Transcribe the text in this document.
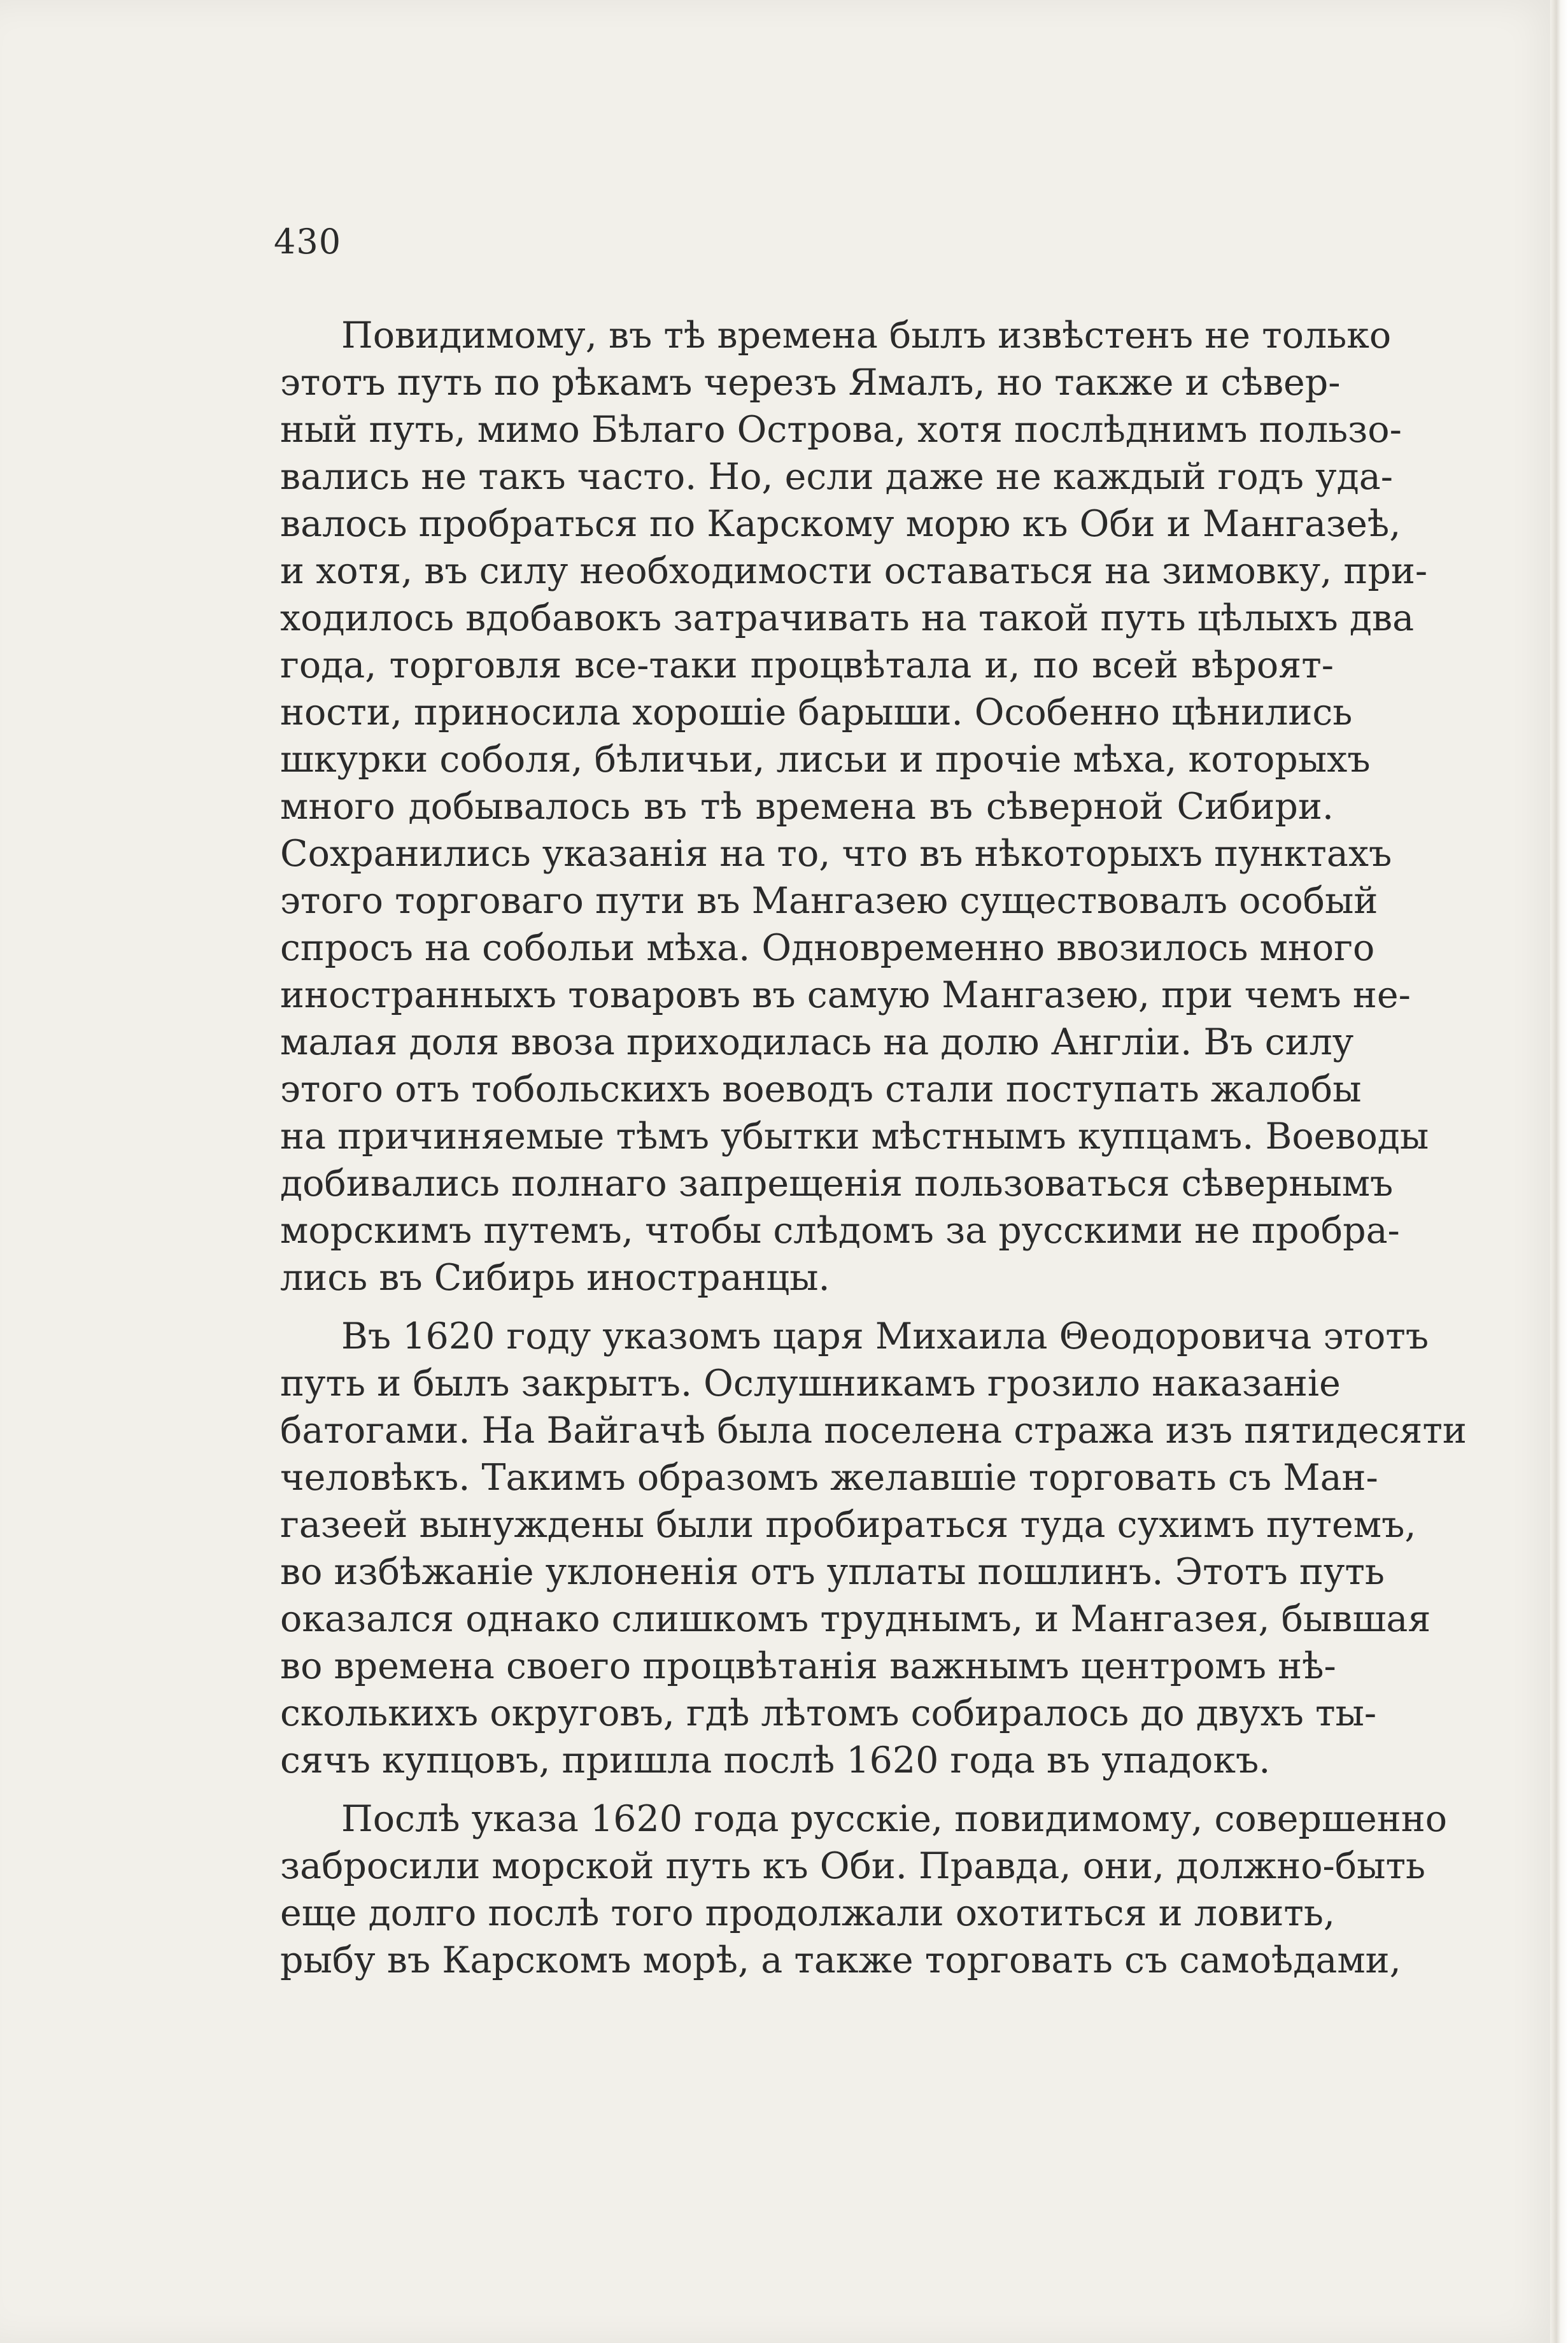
430

Повидимому, въ тѣ времена былъ извѣстенъ не только
этотъ путь по рѣкамъ черезъ Ямалъ, но также и сѣвер-
ный путь, мимо Бѣлаго Острова, хотя послѣднимъ пользо-
вались не такъ часто. Но, если даже не каждый годъ уда-
валось пробраться по Карскому морю къ Оби и Мангазеѣ,
и хотя, въ силу необходимости оставаться на зимовку, при-
ходилось вдобавокъ затрачивать на такой путь цѣлыхъ два
года, торговля все-таки процвѣтала и, по всей вѣроят-
ности, приносила хорошіе барыши. Особенно цѣнились
шкурки соболя, бѣличьи, лисьи и прочіе мѣха, которыхъ
много добывалось въ тѣ времена въ сѣверной Сибири.
Сохранились указанія на то, что въ нѣкоторыхъ пунктахъ
этого торговаго пути въ Мангазею существовалъ особый
спросъ на собольи мѣха. Одновременно ввозилось много
иностранныхъ товаровъ въ самую Мангазею, при чемъ не-
малая доля ввоза приходилась на долю Англіи. Въ силу
этого отъ тобольскихъ воеводъ стали поступать жалобы
на причиняемые тѣмъ убытки мѣстнымъ купцамъ. Воеводы
добивались полнаго запрещенія пользоваться сѣвернымъ
морскимъ путемъ, чтобы слѣдомъ за русскими не пробра-
лись въ Сибирь иностранцы.

Въ 1620 году указомъ царя Михаила Θеодоровича этотъ
путь и былъ закрытъ. Ослушникамъ грозило наказаніе
батогами. На Вайгачѣ была поселена стража изъ пятидесяти
человѣкъ. Такимъ образомъ желавшіе торговать съ Ман-
газеей вынуждены были пробираться туда сухимъ путемъ,
во избѣжаніе уклоненія отъ уплаты пошлинъ. Этотъ путь
оказался однако слишкомъ труднымъ, и Мангазея, бывшая
во времена своего процвѣтанія важнымъ центромъ нѣ-
сколькихъ округовъ, гдѣ лѣтомъ собиралось до двухъ ты-
сячъ купцовъ, пришла послѣ 1620 года въ упадокъ.

Послѣ указа 1620 года русскіе, повидимому, совершенно
забросили морской путь къ Оби. Правда, они, должно-быть
еще долго послѣ того продолжали охотиться и ловить,
рыбу въ Карскомъ морѣ, а также торговать съ самоѣдами,
